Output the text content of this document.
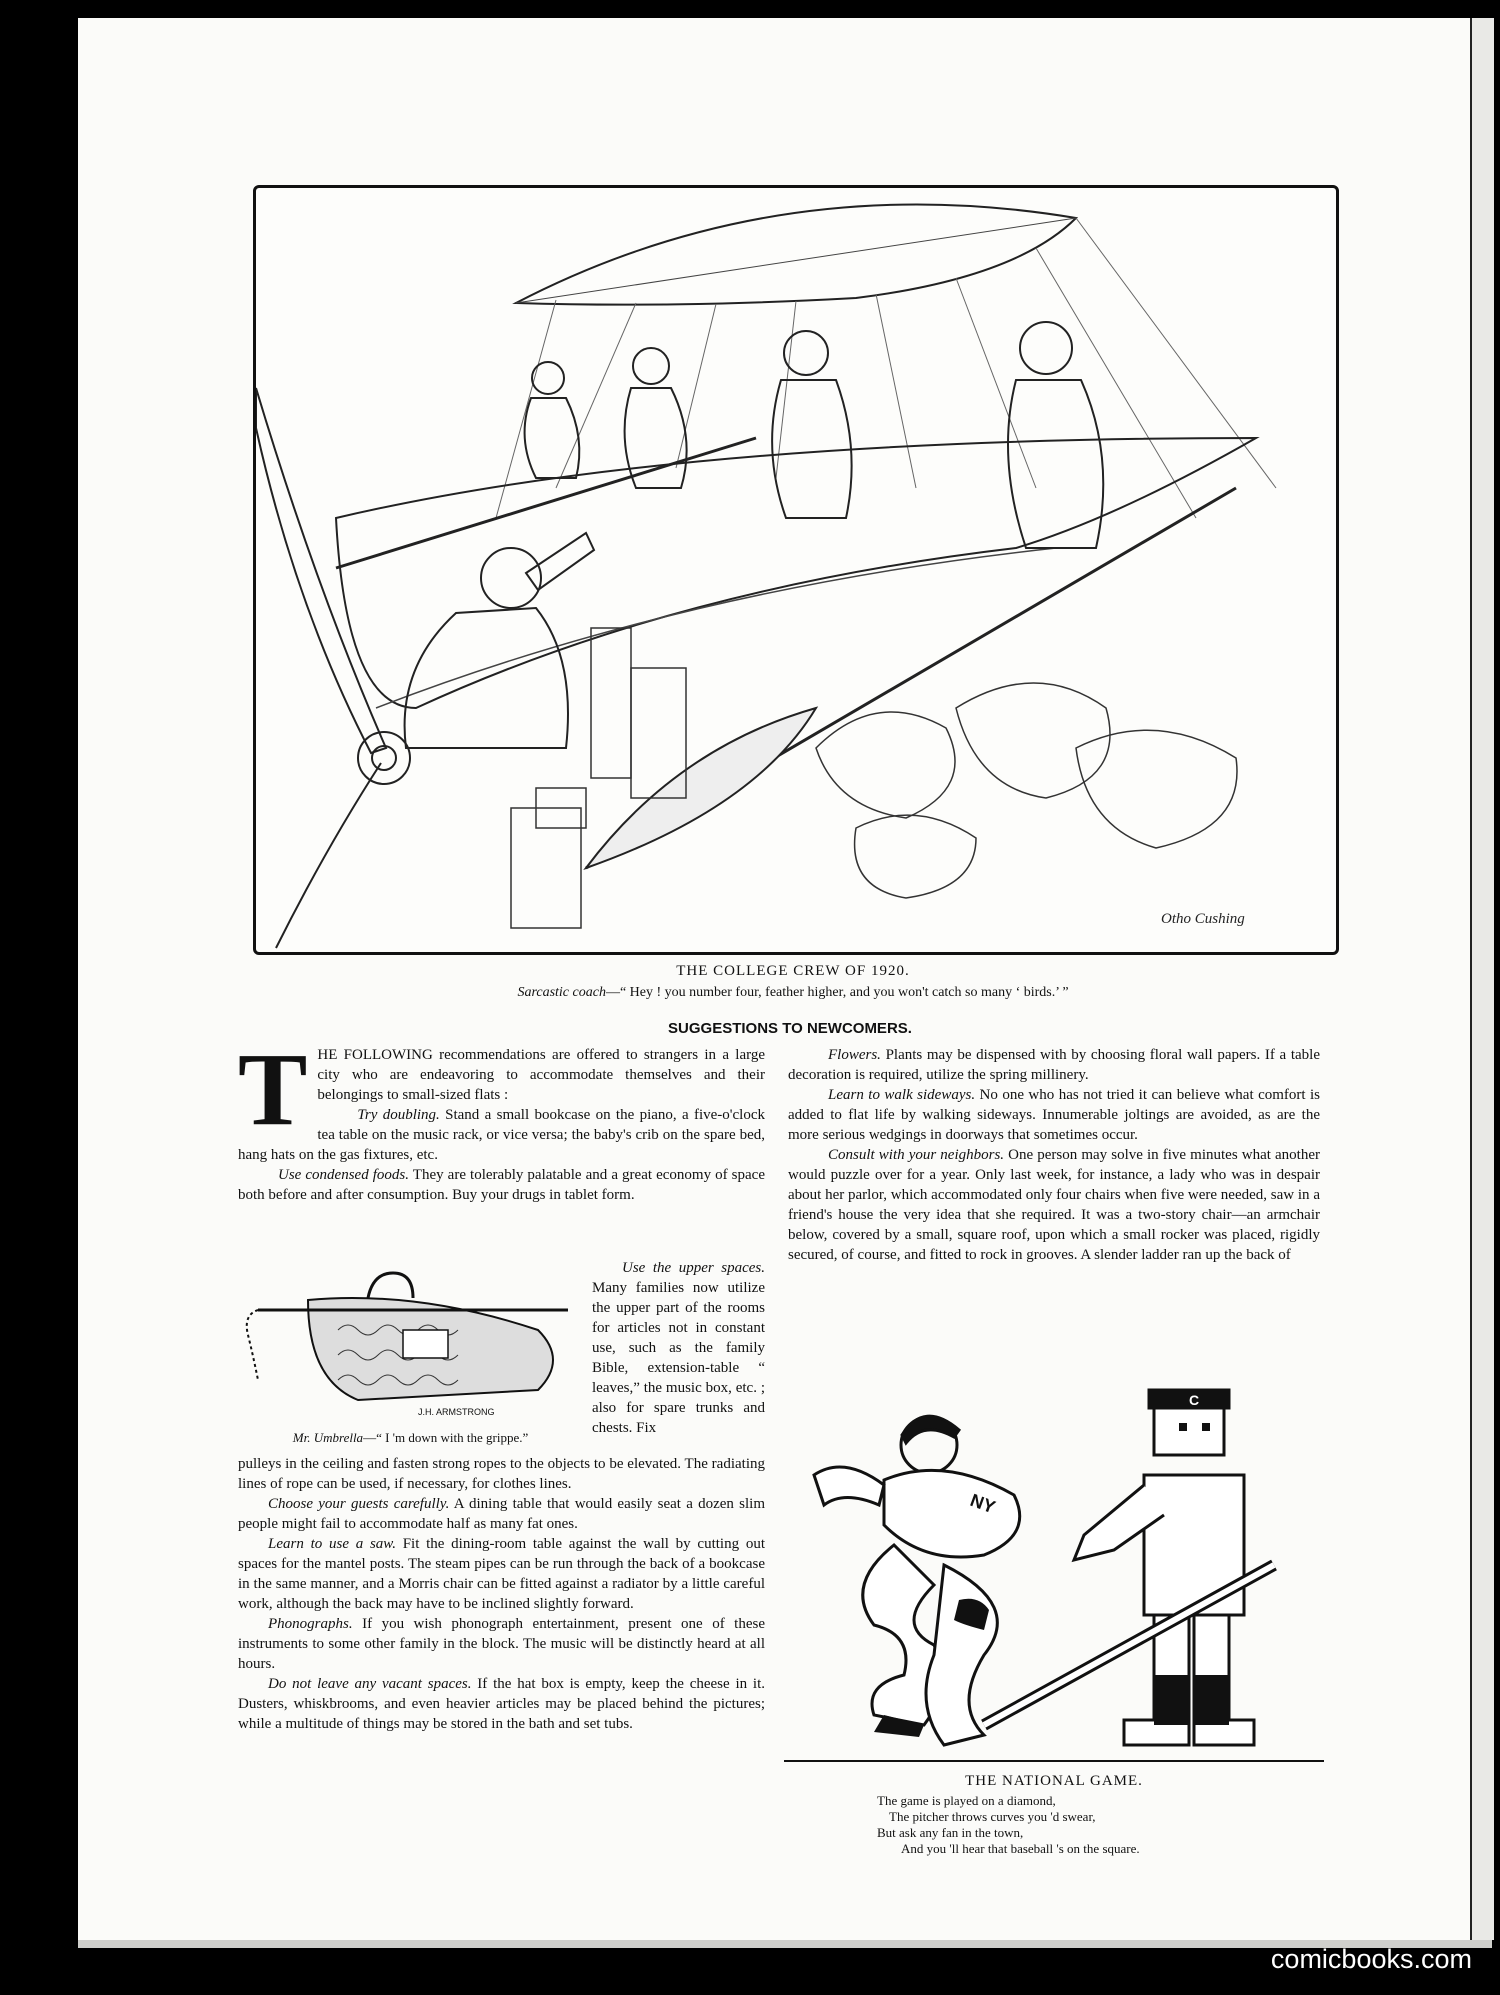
Otho Cushing
THE COLLEGE CREW OF 1920.
Sarcastic coach—“ Hey ! you number four, feather higher, and you won't catch so many ‘ birds.’ ”
SUGGESTIONS TO NEWCOMERS.

THE FOLLOWING recommendations are offered to strangers in a large city who are endeavoring to accommodate themselves and their belongings to small-sized flats :

Try doubling. Stand a small bookcase on the piano, a five-o'clock tea table on the music rack, or vice versa; the baby's crib on the spare bed, hang hats on the gas fixtures, etc.

Use condensed foods. They are tolerably palatable and a great economy of space both before and after consumption. Buy your drugs in tablet form.

J.H. ARMSTRONG
Mr. Umbrella—“ I 'm down with the grippe.”

Use the upper spaces. Many families now utilize the upper part of the rooms for articles not in constant use, such as the family Bible, extension-table “ leaves,” the music box, etc. ; also for spare trunks and chests. Fix

pulleys in the ceiling and fasten strong ropes to the objects to be elevated. The radiating lines of rope can be used, if necessary, for clothes lines.

Choose your guests carefully. A dining table that would easily seat a dozen slim people might fail to accommodate half as many fat ones.

Learn to use a saw. Fit the dining-room table against the wall by cutting out spaces for the mantel posts. The steam pipes can be run through the back of a bookcase in the same manner, and a Morris chair can be fitted against a radiator by a little careful work, although the back may have to be inclined slightly forward.

Phonographs. If you wish phonograph entertainment, present one of these instruments to some other family in the block. The music will be distinctly heard at all hours.

Do not leave any vacant spaces. If the hat box is empty, keep the cheese in it. Dusters, whiskbrooms, and even heavier articles may be placed behind the pictures; while a multitude of things may be stored in the bath and set tubs.

Flowers. Plants may be dispensed with by choosing floral wall papers. If a table decoration is required, utilize the spring millinery.

Learn to walk sideways. No one who has not tried it can believe what comfort is added to flat life by walking sideways. Innumerable joltings are avoided, as are the more serious wedgings in doorways that sometimes occur.

Consult with your neighbors. One person may solve in five minutes what another would puzzle over for a year. Only last week, for instance, a lady who was in despair about her parlor, which accommodated only four chairs when five were needed, saw in a friend's house the very idea that she required. It was a two-story chair—an armchair below, covered by a small, square roof, upon which a small rocker was placed, rigidly secured, of course, and fitted to rock in grooves. A slender ladder ran up the back of

NY
C
THE NATIONAL GAME.
The game is played on a diamond,
The pitcher throws curves you 'd swear,
But ask any fan in the town,
And you 'll hear that baseball 's on the square.
comicbooks.com
